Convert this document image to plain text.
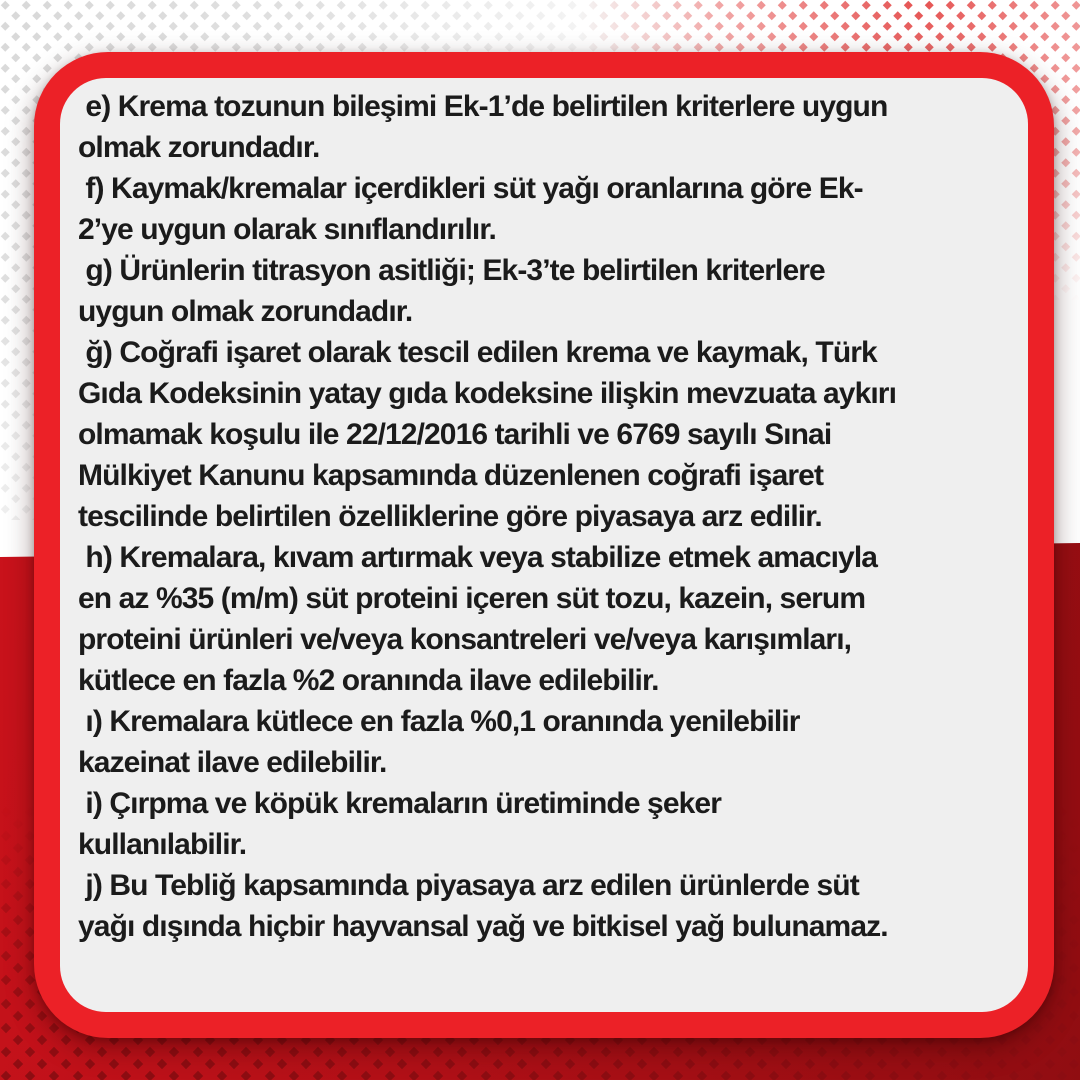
e) Krema tozunun bileşimi Ek-1’de belirtilen kriterlere uygun
olmak zorundadır.

f) Kaymak/kremalar içerdikleri süt yağı oranlarına göre Ek-
2’ye uygun olarak sınıflandırılır.

g) Ürünlerin titrasyon asitliği; Ek-3’te belirtilen kriterlere
uygun olmak zorundadır.

ğ) Coğrafi işaret olarak tescil edilen krema ve kaymak, Türk
Gıda Kodeksinin yatay gıda kodeksine ilişkin mevzuata aykırı
olmamak koşulu ile 22/12/2016 tarihli ve 6769 sayılı Sınai
Mülkiyet Kanunu kapsamında düzenlenen coğrafi işaret
tescilinde belirtilen özelliklerine göre piyasaya arz edilir.

h) Kremalara, kıvam artırmak veya stabilize etmek amacıyla
en az %35 (m/m) süt proteini içeren süt tozu, kazein, serum
proteini ürünleri ve/veya konsantreleri ve/veya karışımları,
kütlece en fazla %2 oranında ilave edilebilir.

ı) Kremalara kütlece en fazla %0,1 oranında yenilebilir
kazeinat ilave edilebilir.

i) Çırpma ve köpük kremaların üretiminde şeker
kullanılabilir.

j) Bu Tebliğ kapsamında piyasaya arz edilen ürünlerde süt
yağı dışında hiçbir hayvansal yağ ve bitkisel yağ bulunamaz.
